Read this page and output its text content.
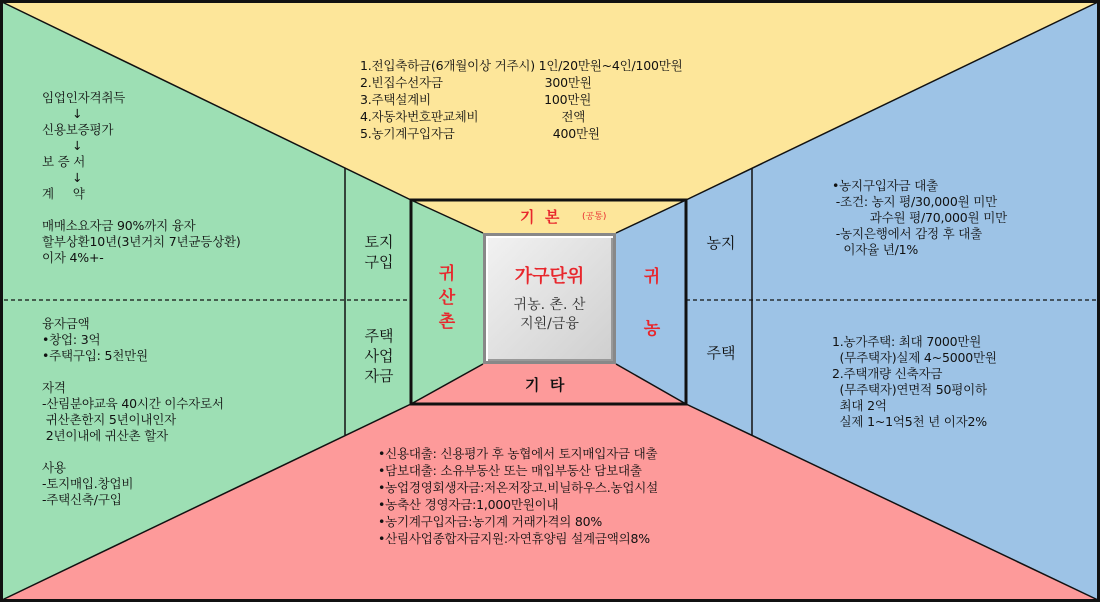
1.전입축하금(6개월이상 거주시) 1인/20만원~4인/100만원
2.빈집수선자금                           300만원
3.주택설계비                              100만원
4.자동차번호판교체비                      전액
5.농기계구입자금                          400만원
기  본	(공통)
가구단위
귀농. 촌. 산
지원/금융
기  타
•신용대출: 신용평가 후 농협에서 토지매입자금 대출
•담보대출: 소유부동산 또는 매입부동산 담보대출
•농업경영회생자금:저온저장고.비닐하우스.농업시설
•농축산 경영자금:1,000만원이내
•농기계구입자금:농기계 거래가격의 80%
•산림사업종합자금지원:자연휴양림 설계금액의8%
귀
산
촌
토지
구입
주택
사업
자금
임업인자격취득
↓
신용보증평가
↓
보 증 서
↓
계     약
매매소요자금 90%까지 융자
할부상환10년(3년거치 7년균등상환)
이자 4%+-
융자금액
•창업: 3억
•주택구입: 5천만원
자격
-산림분야교육 40시간 이수자로서
귀산촌한지 5년이내인자
2년이내에 귀산촌 할자
사용
-토지매입.창업비
-주택신축/구입
귀
농
농지
주택
•농지구입자금 대출
-조건: 농지 평/30,000원 미만
과수원 평/70,000원 미만
-농지은행에서 감정 후 대출
이자율 년/1%
1.농가주택: 최대 7000만원
(무주택자)실제 4~5000만원
2.주택개량 신축자금
(무주택자)연면적 50평이하
최대 2억
실제 1~1억5천 년 이자2%
